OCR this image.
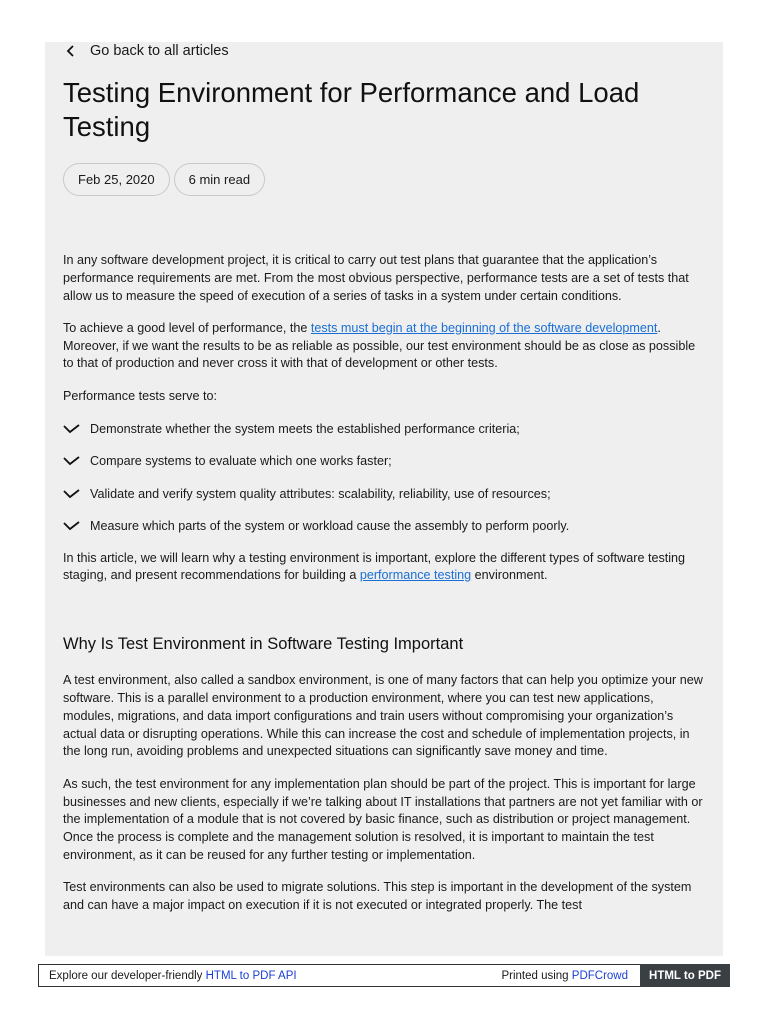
Go back to all articles
Testing Environment for Performance and Load Testing
Feb 25, 2020	6 min read

In any software development project, it is critical to carry out test plans that guarantee that the application’s performance requirements are met. From the most obvious perspective, performance tests are a set of tests that allow us to measure the speed of execution of a series of tasks in a system under certain conditions.

To achieve a good level of performance, the tests must begin at the beginning of the software development. Moreover, if we want the results to be as reliable as possible, our test environment should be as close as possible to that of production and never cross it with that of development or other tests.

Performance tests serve to:

Demonstrate whether the system meets the established performance criteria;
Compare systems to evaluate which one works faster;
Validate and verify system quality attributes: scalability, reliability, use of resources;
Measure which parts of the system or workload cause the assembly to perform poorly.

In this article, we will learn why a testing environment is important, explore the different types of software testing staging, and present recommendations for building a performance testing environment.

Why Is Test Environment in Software Testing Important

A test environment, also called a sandbox environment, is one of many factors that can help you optimize your new software. This is a parallel environment to a production environment, where you can test new applications, modules, migrations, and data import configurations and train users without compromising your organization’s actual data or disrupting operations. While this can increase the cost and schedule of implementation projects, in the long run, avoiding problems and unexpected situations can significantly save money and time.

As such, the test environment for any implementation plan should be part of the project. This is important for large businesses and new clients, especially if we’re talking about IT installations that partners are not yet familiar with or the implementation of a module that is not covered by basic finance, such as distribution or project management. Once the process is complete and the management solution is resolved, it is important to maintain the test environment, as it can be reused for any further testing or implementation.

Test environments can also be used to migrate solutions. This step is important in the development of the system and can have a major impact on execution if it is not executed or integrated properly. The test

Explore our developer-friendly HTML to PDF API	Printed using PDFCrowd	HTML to PDF
